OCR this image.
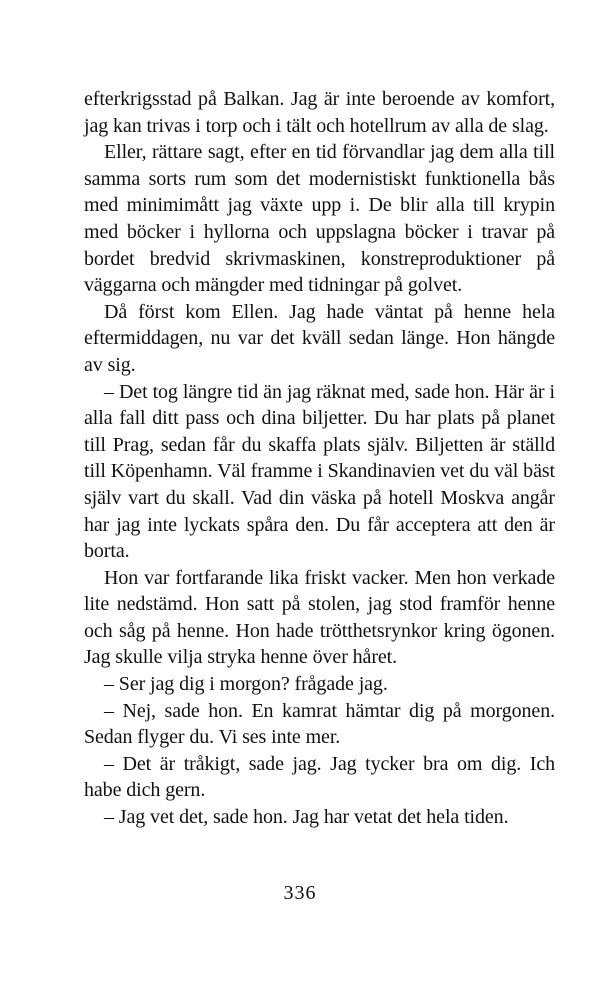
efterkrigsstad på Balkan. Jag är inte beroende av komfort, jag kan trivas i torp och i tält och hotellrum av alla de slag.

Eller, rättare sagt, efter en tid förvandlar jag dem alla till samma sorts rum som det modernistiskt funktionella bås med minimimått jag växte upp i. De blir alla till krypin med böcker i hyllorna och uppslagna böcker i travar på bordet bredvid skrivmaskinen, konstreproduktioner på väggarna och mängder med tidningar på golvet.

Då först kom Ellen. Jag hade väntat på henne hela eftermiddagen, nu var det kväll sedan länge. Hon hängde av sig.

– Det tog längre tid än jag räknat med, sade hon. Här är i alla fall ditt pass och dina biljetter. Du har plats på planet till Prag, sedan får du skaffa plats själv. Biljetten är ställd till Köpenhamn. Väl framme i Skandinavien vet du väl bäst själv vart du skall. Vad din väska på hotell Moskva angår har jag inte lyckats spåra den. Du får acceptera att den är borta.

Hon var fortfarande lika friskt vacker. Men hon verkade lite nedstämd. Hon satt på stolen, jag stod framför henne och såg på henne. Hon hade trötthetsrynkor kring ögonen. Jag skulle vilja stryka henne över håret.

– Ser jag dig i morgon? frågade jag.

– Nej, sade hon. En kamrat hämtar dig på morgonen. Sedan flyger du. Vi ses inte mer.

– Det är tråkigt, sade jag. Jag tycker bra om dig. Ich habe dich gern.

– Jag vet det, sade hon. Jag har vetat det hela tiden.

336
